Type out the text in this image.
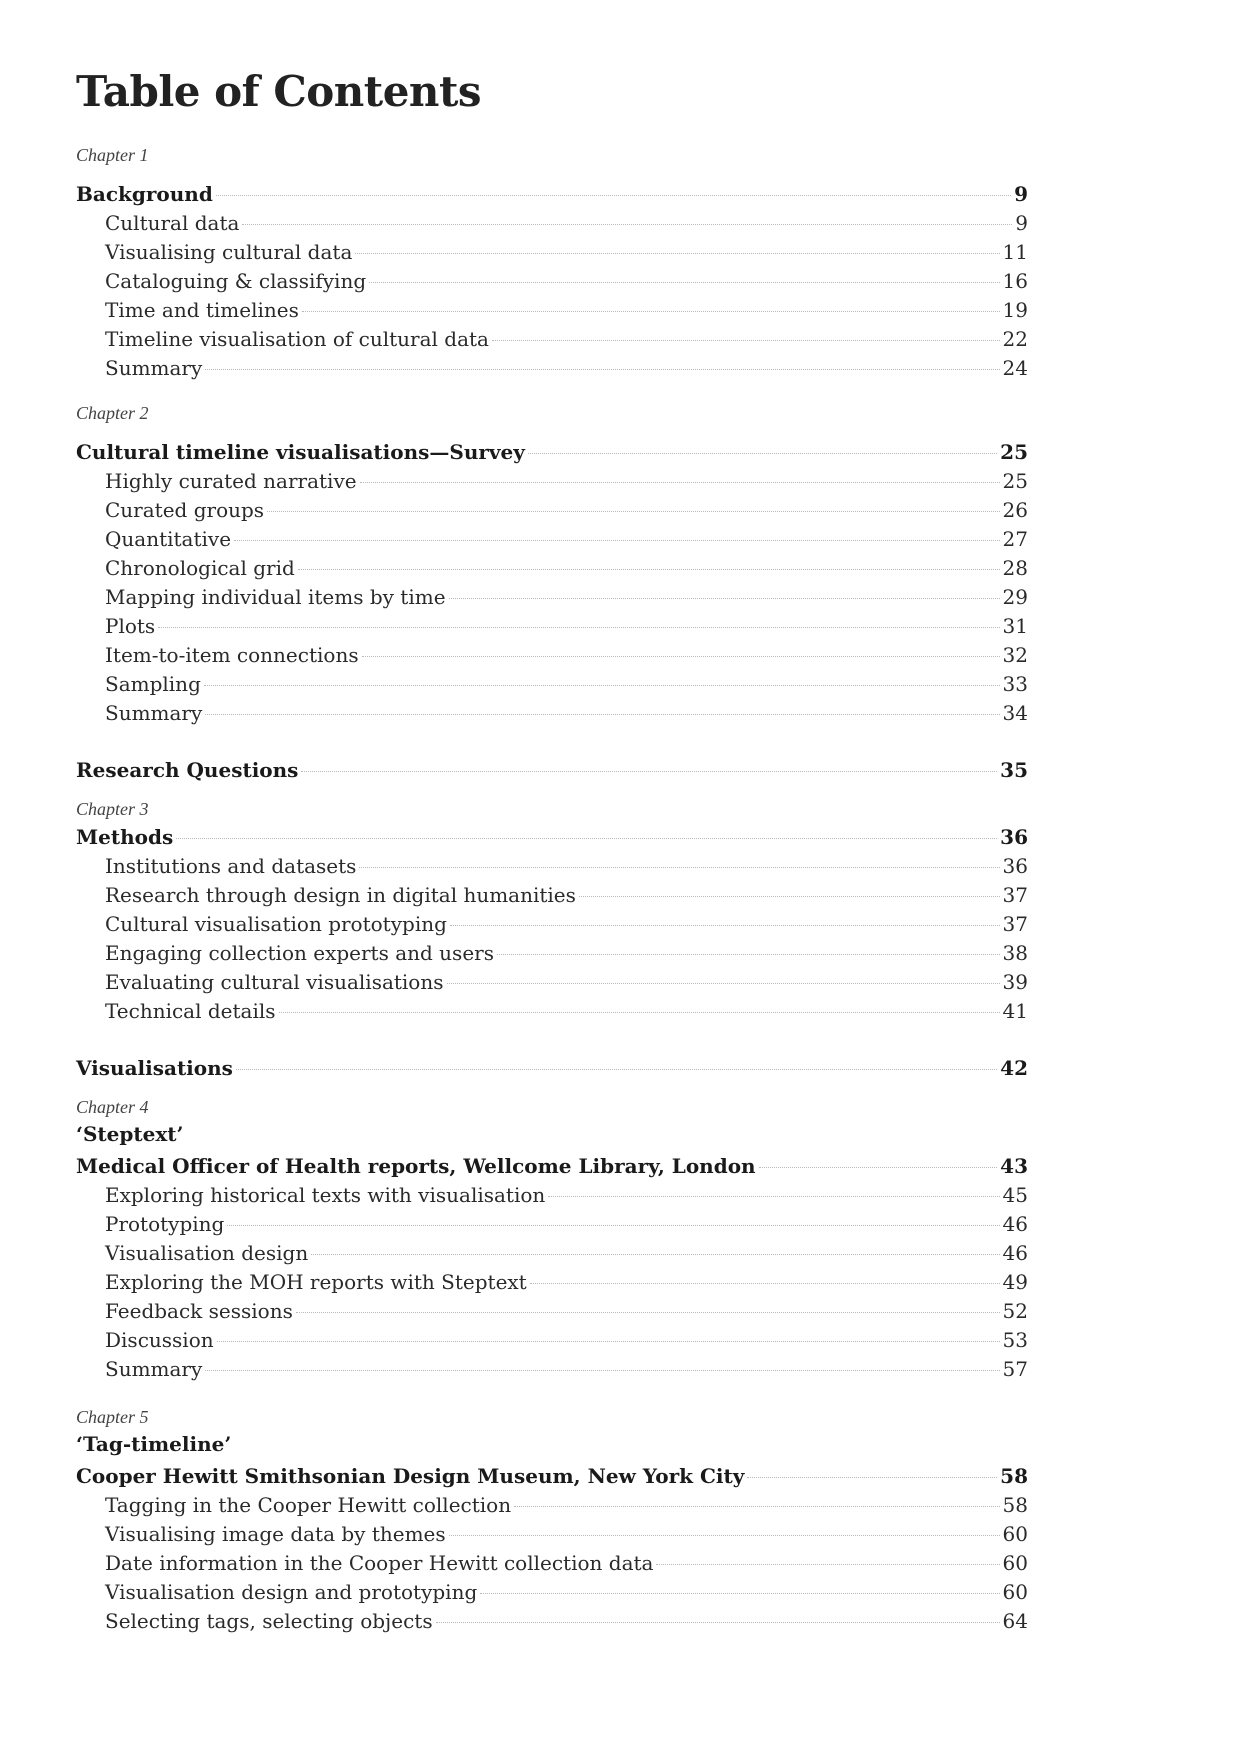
Table of Contents

Chapter 1

Background	9
Cultural data	9
Visualising cultural data	11
Cataloguing & classifying	16
Time and timelines	19
Timeline visualisation of cultural data	22
Summary	24

Chapter 2

Cultural timeline visualisations—Survey	25
Highly curated narrative	25
Curated groups	26
Quantitative	27
Chronological grid	28
Mapping individual items by time	29
Plots	31
Item-to-item connections	32
Sampling	33
Summary	34
Research Questions	35

Chapter 3

Methods	36
Institutions and datasets	36
Research through design in digital humanities	37
Cultural visualisation prototyping	37
Engaging collection experts and users	38
Evaluating cultural visualisations	39
Technical details	41
Visualisations	42

Chapter 4

‘Steptext’
Medical Officer of Health reports, Wellcome Library, London	43
Exploring historical texts with visualisation	45
Prototyping	46
Visualisation design	46
Exploring the MOH reports with Steptext	49
Feedback sessions	52
Discussion	53
Summary	57

Chapter 5

‘Tag-timeline’
Cooper Hewitt Smithsonian Design Museum, New York City	58
Tagging in the Cooper Hewitt collection	58
Visualising image data by themes	60
Date information in the Cooper Hewitt collection data	60
Visualisation design and prototyping	60
Selecting tags, selecting objects	64
